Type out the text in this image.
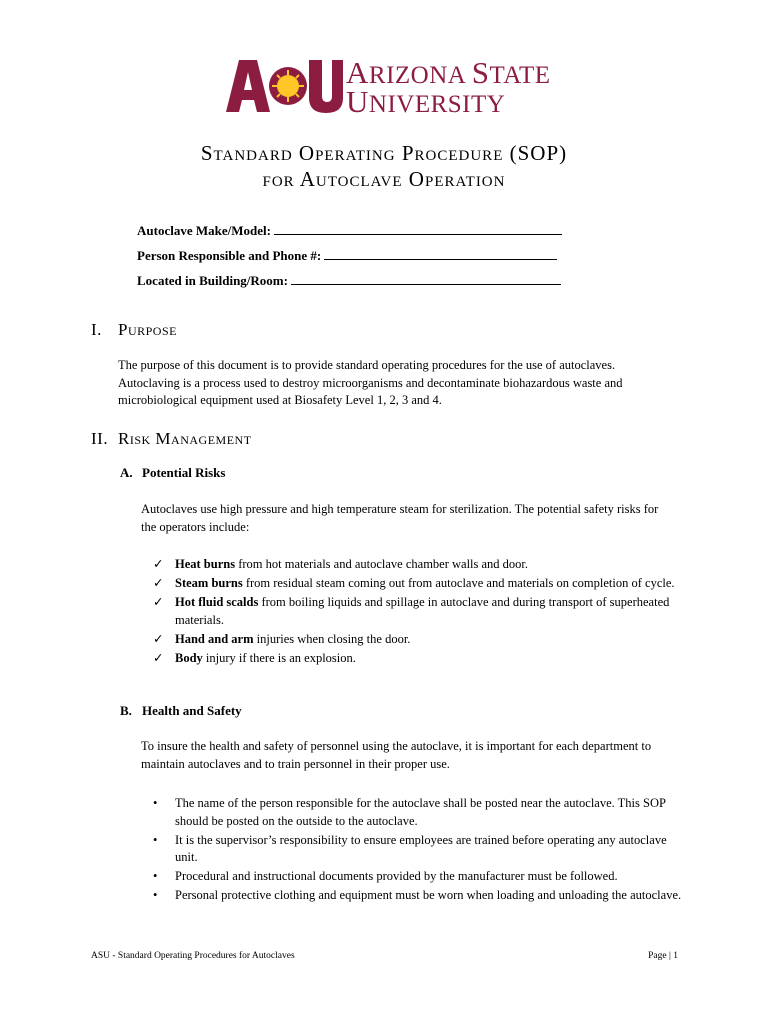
ARIZONA STATE
UNIVERSITY
Standard Operating Procedure (SOP)
for Autoclave Operation
Autoclave Make/Model:
Person Responsible and Phone #:
Located in Building/Room:
I. Purpose
The purpose of this document is to provide standard operating procedures for the use of autoclaves. Autoclaving is a process used to destroy microorganisms and decontaminate biohazardous waste and microbiological equipment used at Biosafety Level 1, 2, 3 and 4.
II. Risk Management
A. Potential Risks
Autoclaves use high pressure and high temperature steam for sterilization. The potential safety risks for the operators include:
✓ Heat burns from hot materials and autoclave chamber walls and door.
✓ Steam burns from residual steam coming out from autoclave and materials on completion of cycle.
✓ Hot fluid scalds from boiling liquids and spillage in autoclave and during transport of superheated materials.
✓ Hand and arm injuries when closing the door.
✓ Body injury if there is an explosion.
B. Health and Safety
To insure the health and safety of personnel using the autoclave, it is important for each department to maintain autoclaves and to train personnel in their proper use.
• The name of the person responsible for the autoclave shall be posted near the autoclave. This SOP should be posted on the outside to the autoclave.
• It is the supervisor’s responsibility to ensure employees are trained before operating any autoclave unit.
• Procedural and instructional documents provided by the manufacturer must be followed.
• Personal protective clothing and equipment must be worn when loading and unloading the autoclave.
ASU - Standard Operating Procedures for Autoclaves	Page | 1
